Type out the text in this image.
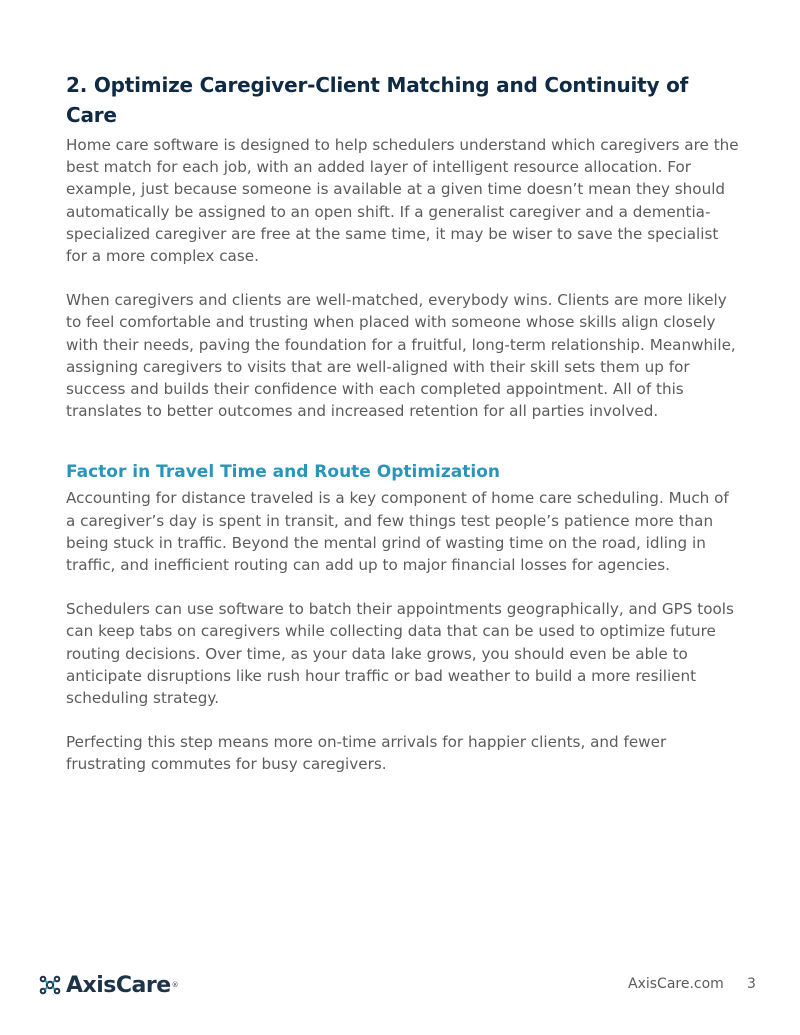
2. Optimize Caregiver-Client Matching and Continuity of Care

Home care software is designed to help schedulers understand which caregivers are the best match for each job, with an added layer of intelligent resource allocation. For example, just because someone is available at a given time doesn’t mean they should automatically be assigned to an open shift. If a generalist caregiver and a dementia-specialized caregiver are free at the same time, it may be wiser to save the specialist for a more complex case.

When caregivers and clients are well-matched, everybody wins. Clients are more likely to feel comfortable and trusting when placed with someone whose skills align closely with their needs, paving the foundation for a fruitful, long-term relationship. Meanwhile, assigning caregivers to visits that are well-aligned with their skill sets them up for success and builds their confidence with each completed appointment. All of this translates to better outcomes and increased retention for all parties involved.

Factor in Travel Time and Route Optimization

Accounting for distance traveled is a key component of home care scheduling. Much of a caregiver’s day is spent in transit, and few things test people’s patience more than being stuck in traffic. Beyond the mental grind of wasting time on the road, idling in traffic, and inefficient routing can add up to major financial losses for agencies.

Schedulers can use software to batch their appointments geographically, and GPS tools can keep tabs on caregivers while collecting data that can be used to optimize future routing decisions. Over time, as your data lake grows, you should even be able to anticipate disruptions like rush hour traffic or bad weather to build a more resilient scheduling strategy.

Perfecting this step means more on-time arrivals for happier clients, and fewer frustrating commutes for busy caregivers.

AxisCare ®	AxisCare.com 3
